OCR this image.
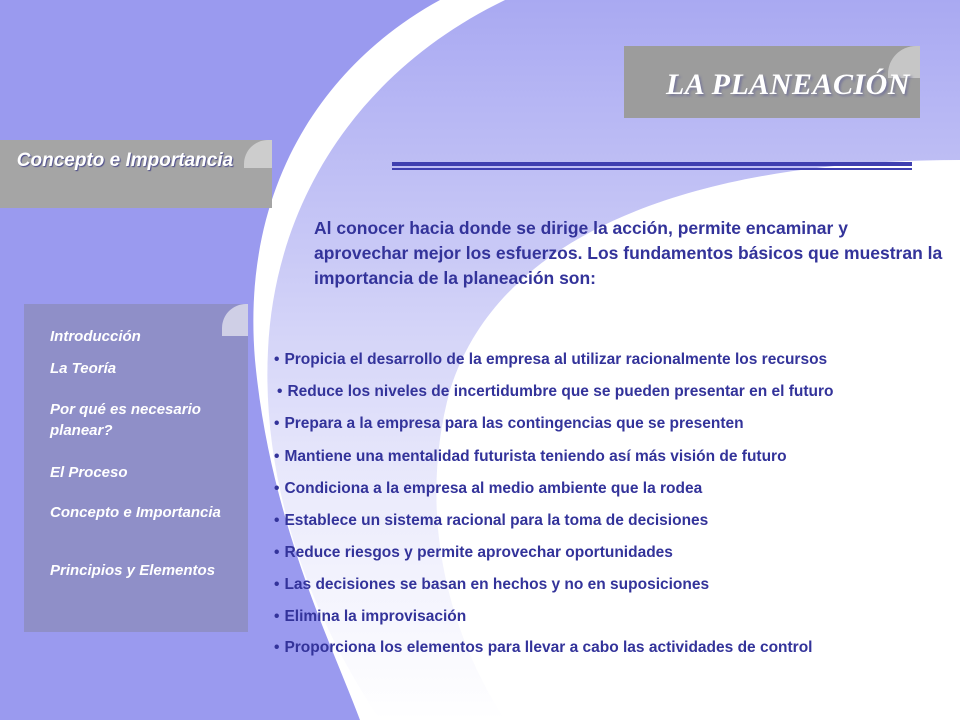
LA PLANEACIÓN
Concepto e Importancia
Introducción
La Teoría
Por qué es necesario planear?
El Proceso
Concepto e Importancia
Principios y Elementos
Al conocer hacia donde se dirige la acción, permite encaminar y aprovechar mejor los esfuerzos. Los fundamentos básicos que muestran la importancia de la planeación son:
• Propicia el desarrollo de la empresa al utilizar racionalmente los recursos
• Reduce los niveles de incertidumbre que se pueden presentar en el futuro
• Prepara a la empresa para las contingencias que se presenten
• Mantiene una mentalidad futurista teniendo así más visión de futuro
• Condiciona a la empresa al medio ambiente que la rodea
• Establece un sistema racional para la toma de decisiones
• Reduce riesgos y permite aprovechar oportunidades
• Las decisiones se basan en hechos y no en suposiciones
• Elimina la improvisación
• Proporciona los elementos para llevar a cabo las actividades de control
